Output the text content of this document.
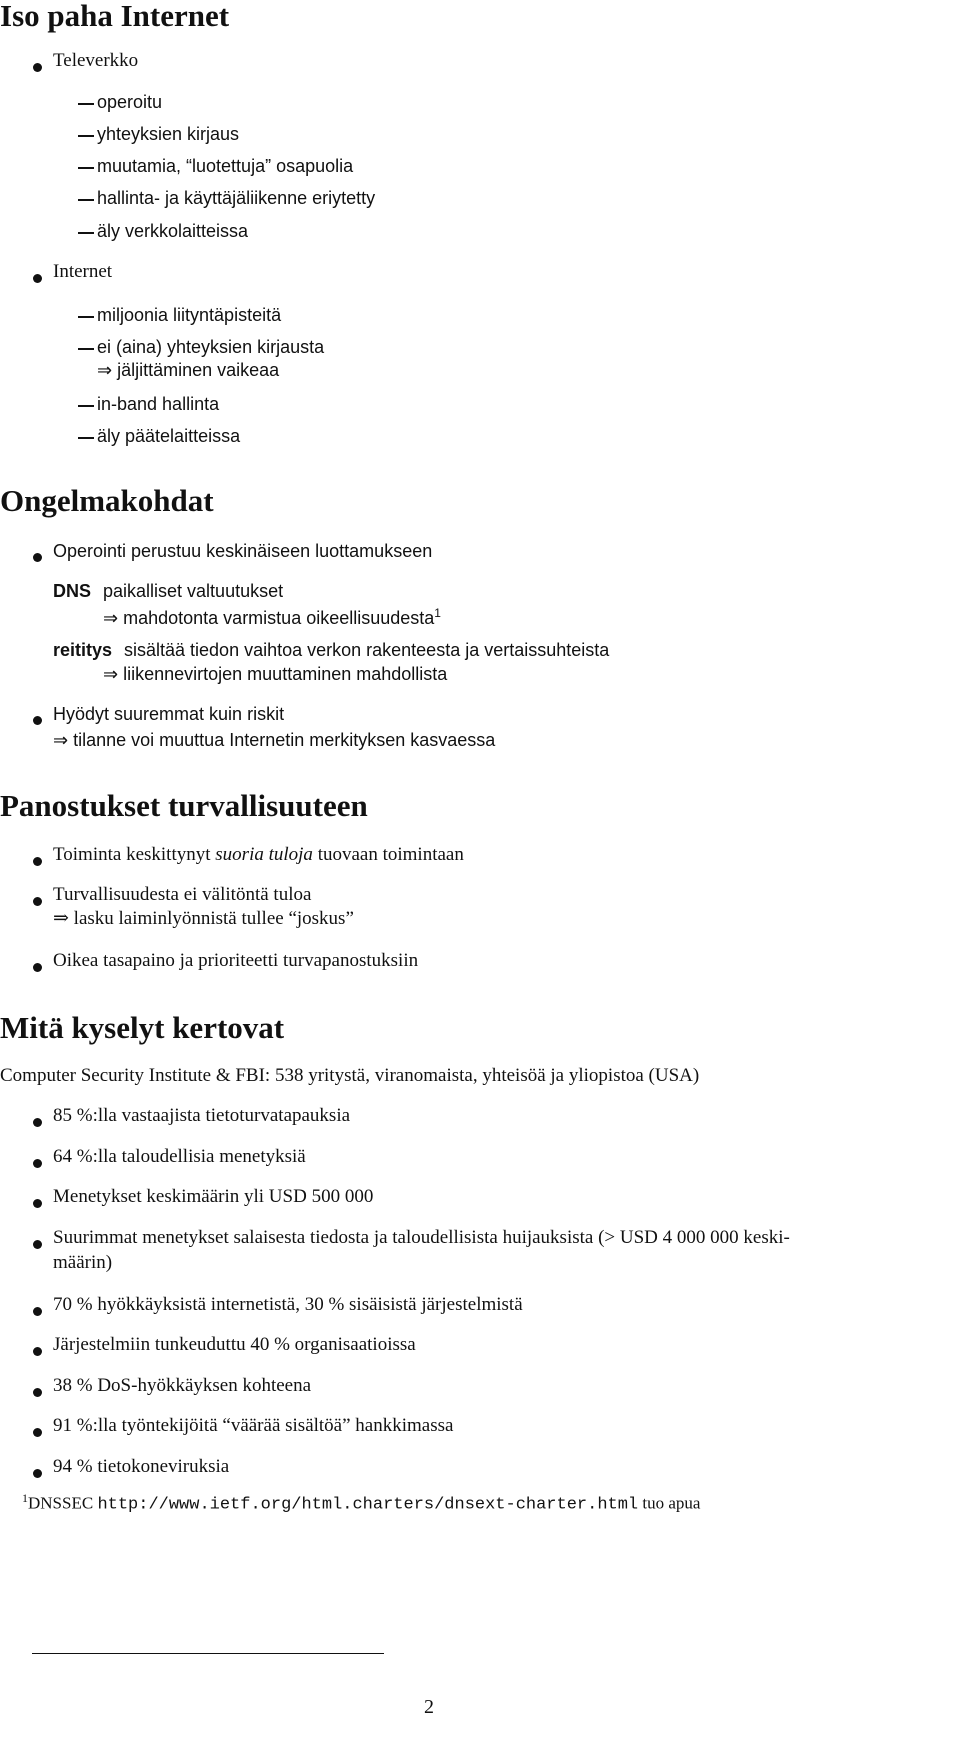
Iso paha Internet
Televerkko
operoitu
yhteyksien kirjaus
muutamia, “luotettuja” osapuolia
hallinta- ja käyttäjäliikenne eriytetty
äly verkkolaitteissa
Internet
miljoonia liityntäpisteitä
ei (aina) yhteyksien kirjausta
⇒ jäljittäminen vaikeaa
in-band hallinta
äly päätelaitteissa
Ongelmakohdat
Operointi perustuu keskinäiseen luottamukseen
DNS paikalliset valtuutukset
⇒ mahdotonta varmistua oikeellisuudesta$^1$
reititys sisältää tiedon vaihtoa verkon rakenteesta ja vertaissuhteista
⇒ liikennevirtojen muuttaminen mahdollista
Hyödyt suuremmat kuin riskit
⇒ tilanne voi muuttua Internetin merkityksen kasvaessa
Panostukset turvallisuuteen
Toiminta keskittynyt suoria tuloja tuovaan toimintaan
Turvallisuudesta ei välitöntä tuloa
⇒ lasku laiminlyönnistä tullee “joskus”
Oikea tasapaino ja prioriteetti turvapanostuksiin
Mitä kyselyt kertovat
Computer Security Institute & FBI: 538 yritystä, viranomaista, yhteisöä ja yliopistoa (USA)
85 %:lla vastaajista tietoturvatapauksia
64 %:lla taloudellisia menetyksiä
Menetykset keskimäärin yli USD 500 000
Suurimmat menetykset salaisesta tiedosta ja taloudellisista huijauksista (> USD 4 000 000 keski-
määrin)
70 % hyökkäyksistä internetistä, 30 % sisäisistä järjestelmistä
Järjestelmiin tunkeuduttu 40 % organisaatioissa
38 % DoS-hyökkäyksen kohteena
91 %:lla työntekijöitä “väärää sisältöä” hankkimassa
94 % tietokoneviruksia
$^1$DNSSEC http://www.ietf.org/html.charters/dnsext-charter.html tuo apua
2
